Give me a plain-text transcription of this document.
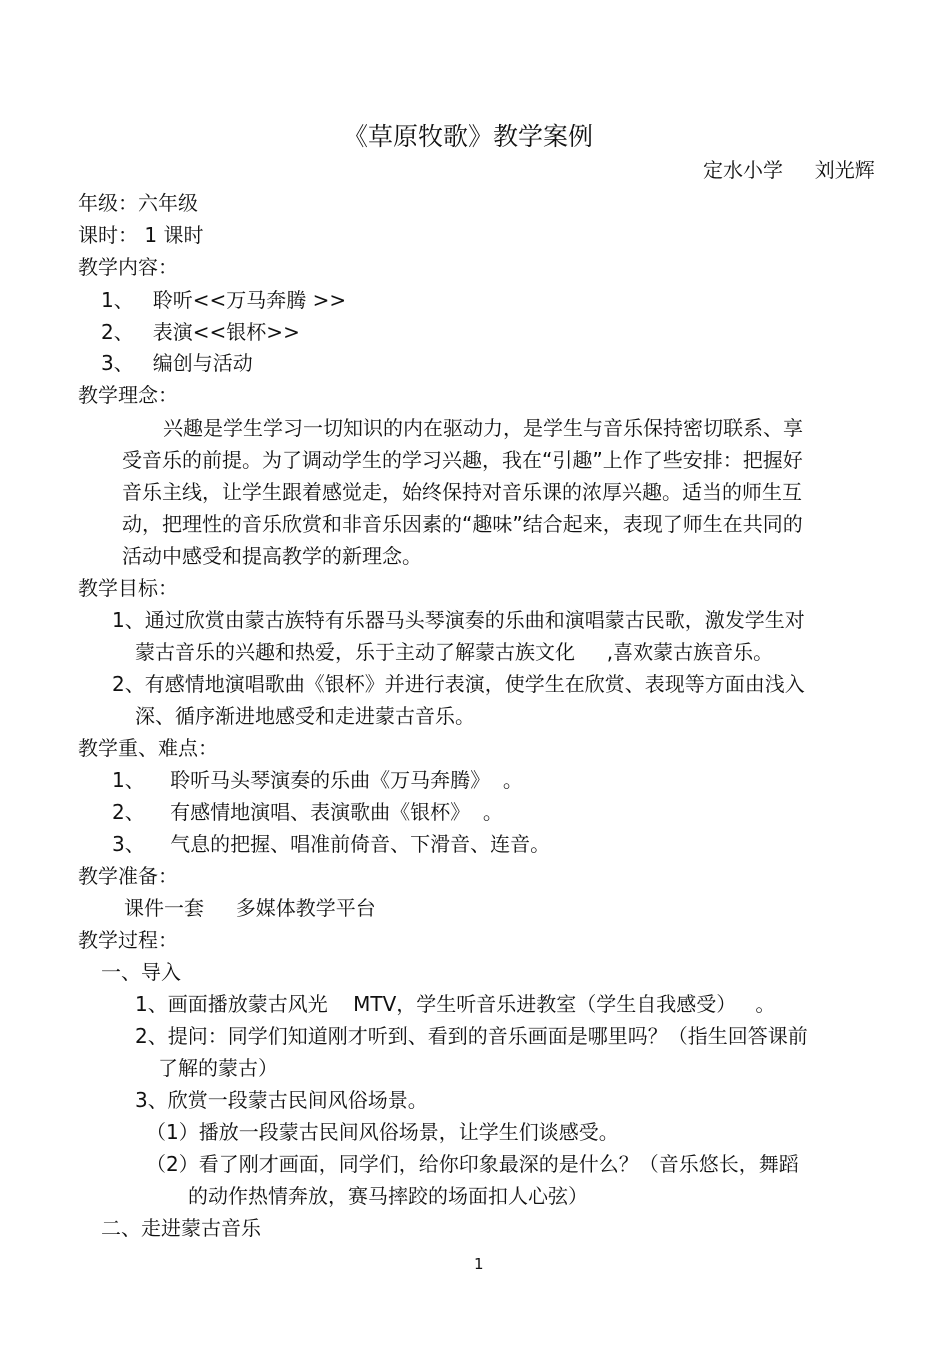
《草原牧歌》教学案例
定水小学     刘光辉
年级：六年级
课时： 1 课时
教学内容：
1、   聆听<<万马奔腾 >>
2、   表演<<银杯>>
3、   编创与活动
教学理念：
兴趣是学生学习一切知识的内在驱动力，是学生与音乐保持密切联系、享
受音乐的前提。为了调动学生的学习兴趣，我在“引趣”上作了些安排：把握好
音乐主线，让学生跟着感觉走，始终保持对音乐课的浓厚兴趣。适当的师生互
动，把理性的音乐欣赏和非音乐因素的“趣味”结合起来，表现了师生在共同的
活动中感受和提高教学的新理念。
教学目标：
1、通过欣赏由蒙古族特有乐器马头琴演奏的乐曲和演唱蒙古民歌，激发学生对
蒙古音乐的兴趣和热爱，乐于主动了解蒙古族文化     ,喜欢蒙古族音乐。
2、有感情地演唱歌曲《银杯》并进行表演，使学生在欣赏、表现等方面由浅入
深、循序渐进地感受和走进蒙古音乐。
教学重、难点：
1、    聆听马头琴演奏的乐曲《万马奔腾》  。
2、    有感情地演唱、表演歌曲《银杯》  。
3、    气息的把握、唱准前倚音、下滑音、连音。
教学准备：
课件一套     多媒体教学平台
教学过程：
一、导入
1、画面播放蒙古风光    MTV，学生听音乐进教室（学生自我感受）   。
2、提问：同学们知道刚才听到、看到的音乐画面是哪里吗？（指生回答课前
了解的蒙古）
3、欣赏一段蒙古民间风俗场景。
（1）播放一段蒙古民间风俗场景，让学生们谈感受。
（2）看了刚才画面，同学们，给你印象最深的是什么？（音乐悠长，舞蹈
的动作热情奔放，赛马摔跤的场面扣人心弦）
二、走进蒙古音乐
1
